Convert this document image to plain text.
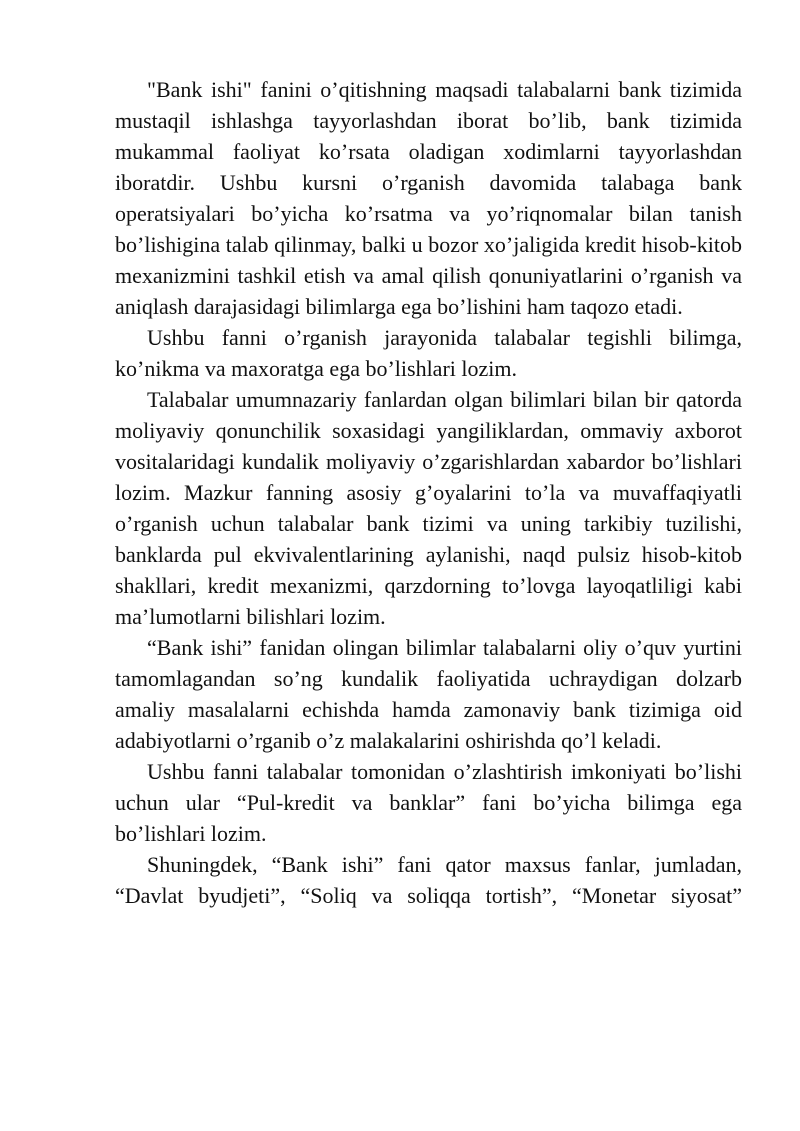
"Bank ishi" fanini o’qitishning maqsadi talabalarni bank tizimida mustaqil ishlashga tayyorlashdan iborat bo’lib, bank tizimida mukammal faoliyat ko’rsata oladigan xodimlarni tayyorlashdan iboratdir. Ushbu kursni o’rganish davomida talabaga bank operatsiyalari bo’yicha ko’rsatma va yo’riqnomalar bilan tanish bo’lishigina talab qilinmay, balki u bozor xo’jaligida kredit hisob-kitob mexanizmini tashkil etish va amal qilish qonuniyatlarini o’rganish va aniqlash darajasidagi bilimlarga ega bo’lishini ham taqozo etadi.

Ushbu fanni o’rganish jarayonida talabalar tegishli bilimga, ko’nikma va maxoratga ega bo’lishlari lozim.

Talabalar umumnazariy fanlardan olgan bilimlari bilan bir qatorda moliyaviy qonunchilik soxasidagi yangiliklardan, ommaviy axborot vositalaridagi kundalik moliyaviy o’zgarishlardan xabardor bo’lishlari lozim. Mazkur fanning asosiy g’oyalarini to’la va muvaffaqiyatli o’rganish uchun talabalar bank tizimi va uning tarkibiy tuzilishi, banklarda pul ekvivalentlarining aylanishi, naqd pulsiz hisob-kitob shakllari, kredit mexanizmi, qarzdorning to’lovga layoqatliligi kabi ma’lumotlarni bilishlari lozim.

“Bank ishi” fanidan olingan bilimlar talabalarni oliy o’quv yurtini tamomlagandan so’ng kundalik faoliyatida uchraydigan dolzarb amaliy masalalarni echishda hamda zamonaviy bank tizimiga oid adabiyotlarni o’rganib o’z malakalarini oshirishda qo’l keladi.

Ushbu fanni talabalar tomonidan o’zlashtirish imkoniyati bo’lishi uchun ular “Pul-kredit va banklar” fani bo’yicha bilimga ega bo’lishlari lozim.

Shuningdek, “Bank ishi” fani qator maxsus fanlar, jumladan, “Davlat byudjeti”, “Soliq va soliqqa tortish”, “Monetar siyosat”
